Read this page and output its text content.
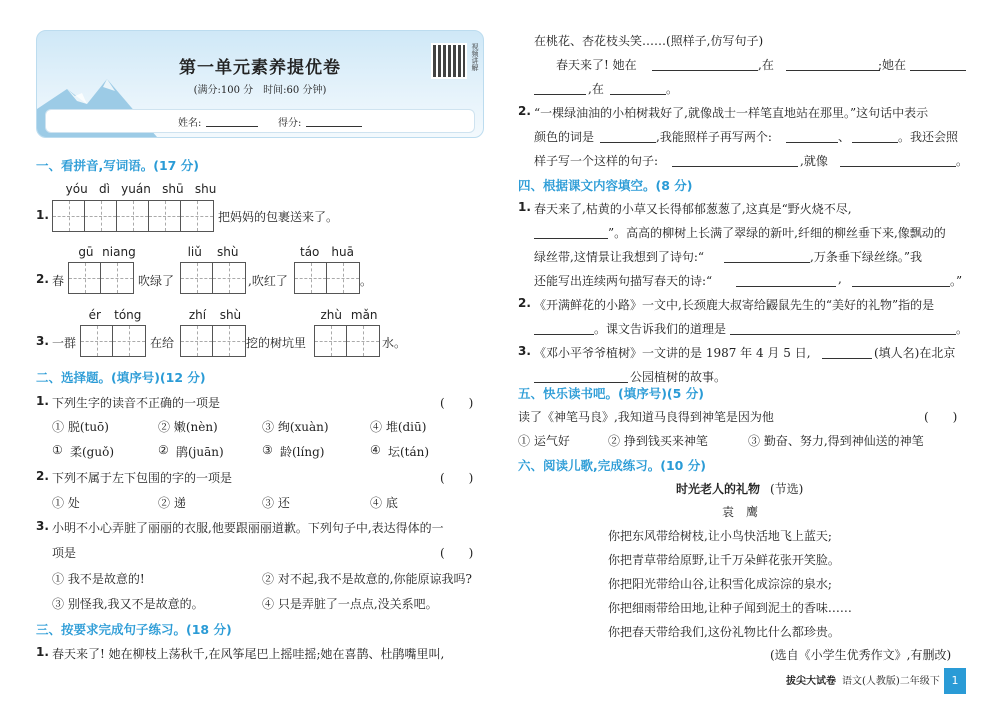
第一单元素养提优卷
(满分:100 分　时间:60 分钟)
视频讲解
姓名:	得分:
一、看拼音,写词语。(17 分)
yóu dì yuán shū shu
1.	把妈妈的包裹送来了。
gū niang	liǔ shù	táo huā
2. 春	吹绿了	,吹红了	。
ér tóng	zhí shù	zhù mǎn
3. 一群	在给	挖的树坑里	水。
二、选择题。(填序号)(12 分)
1. 下列生字的读音不正确的一项是	(　　)
① 脱(tuō)	② 嫩(nèn)	③ 绚(xuàn)	④ 堆(diū)
① 柔(guǒ)	② 鹃(juān)	③ 龄(líng)	④ 坛(tán)
2. 下列不属于左下包围的字的一项是	(　　)
① 处	② 递	③ 还	④ 底
3. 小明不小心弄脏了丽丽的衣服,他要跟丽丽道歉。下列句子中,表达得体的一
项是	(　　)
① 我不是故意的!	② 对不起,我不是故意的,你能原谅我吗?
③ 别怪我,我又不是故意的。	④ 只是弄脏了一点点,没关系吧。
三、按要求完成句子练习。(18 分)
1. 春天来了! 她在柳枝上荡秋千,在风筝尾巴上摇哇摇;她在喜鹊、杜鹃嘴里叫,
在桃花、杏花枝头笑……(照样子,仿写句子)
春天来了! 她在	,在	;她在
,在	。
2. “一棵绿油油的小柏树栽好了,就像战士一样笔直地站在那里。”这句话中表示
颜色的词是	,我能照样子再写两个:	、	。我还会照
样子写一个这样的句子:	,就像	。
四、根据课文内容填空。(8 分)
1. 春天来了,枯黄的小草又长得郁郁葱葱了,这真是“野火烧不尽,
”。高高的柳树上长满了翠绿的新叶,纤细的柳丝垂下来,像飘动的
绿丝带,这情景让我想到了诗句:“	,万条垂下绿丝绦。”我
还能写出连续两句描写春天的诗:“	,	。”
2. 《开满鲜花的小路》一文中,长颈鹿大叔寄给鼹鼠先生的“美好的礼物”指的是
。课文告诉我们的道理是	。
3. 《邓小平爷爷植树》一文讲的是 1987 年 4 月 5 日,	(填人名)在北京
公园植树的故事。
五、快乐读书吧。(填序号)(5 分)
读了《神笔马良》,我知道马良得到神笔是因为他	(　　)
① 运气好	② 挣到钱买来神笔	③ 勤奋、努力,得到神仙送的神笔
六、阅读儿歌,完成练习。(10 分)
时光老人的礼物 (节选)
袁　鹰
你把东风带给树枝,让小鸟快活地飞上蓝天;
你把青草带给原野,让千万朵鲜花张开笑脸。
你把阳光带给山谷,让积雪化成淙淙的泉水;
你把细雨带给田地,让种子闻到泥土的香味……
你把春天带给我们,这份礼物比什么都珍贵。
(选自《小学生优秀作文》,有删改)
拔尖大试卷 语文(人教版)二年级下	1
